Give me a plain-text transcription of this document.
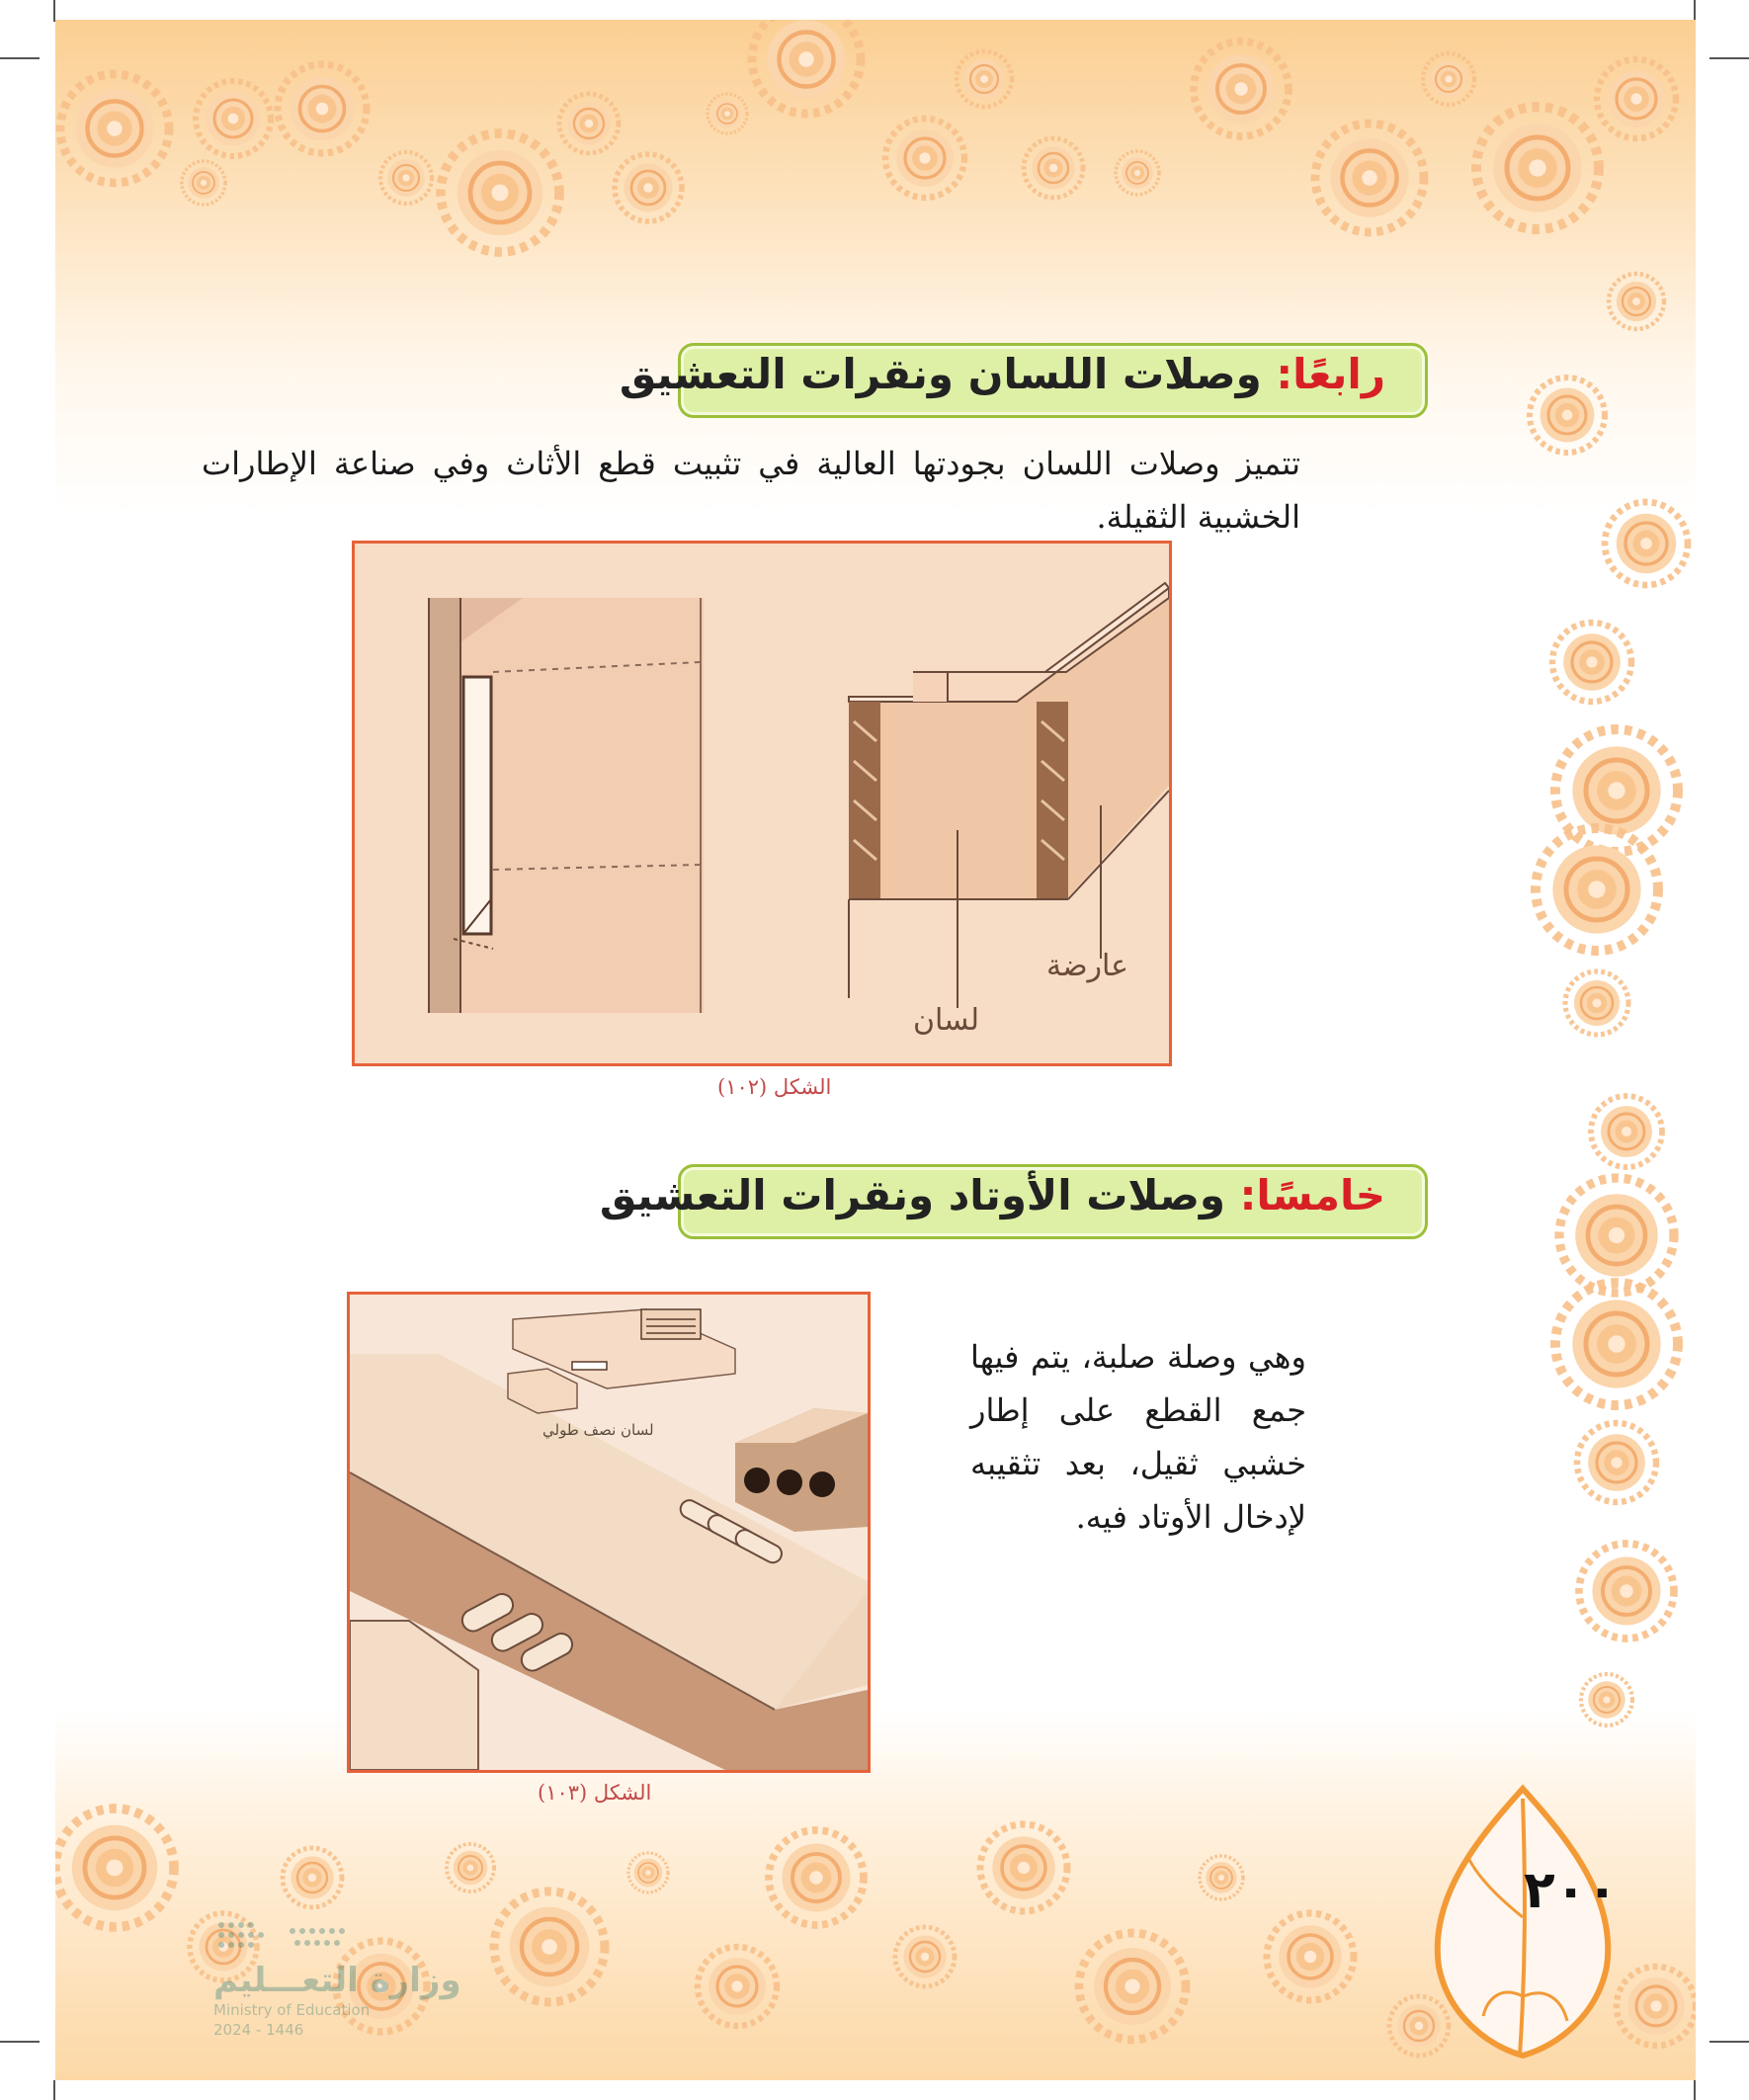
رابعًا: وصلات اللسان ونقرات التعشيق
تتميز وصلات اللسان بجودتها العالية في تثبيت قطع الأثاث وفي صناعة الإطارات الخشبية الثقيلة.
عارضة
لسان
الشكل (١٠٢)
خامسًا: وصلات الأوتاد ونقرات التعشيق
وهي وصلة صلبة، يتم فيها جمع القطع على إطار خشبي ثقيل، بعد تثقيبه لإدخال الأوتاد فيه.
لسان نصف طولي
الشكل (١٠٣)
٢٠٠
وزارة التعـــليم
Ministry of Education
2024 - 1446
